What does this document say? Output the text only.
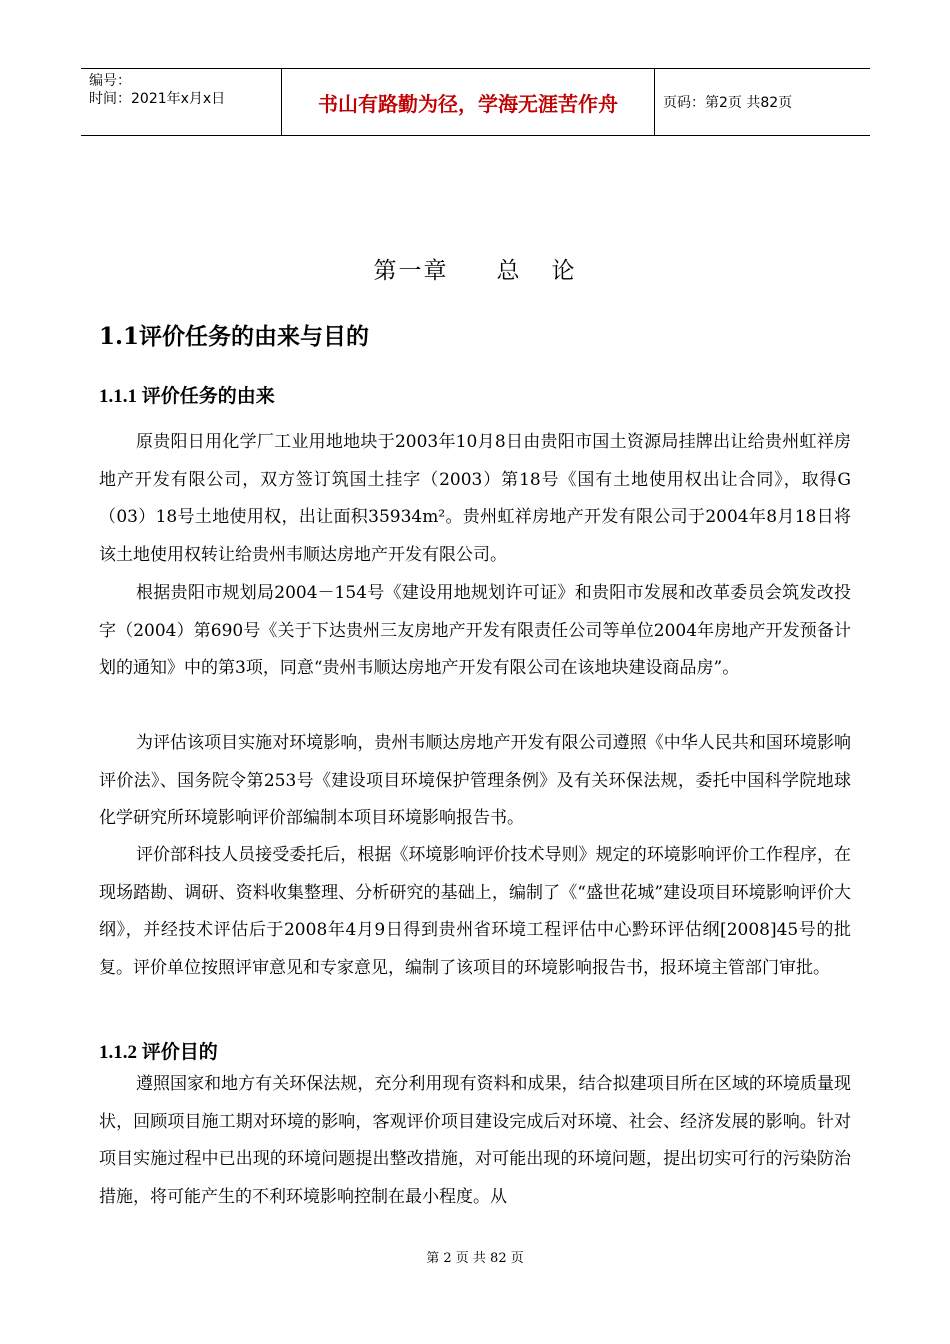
编号：
时间：2021年x月x日	书山有路勤为径，学海无涯苦作舟	页码：第2页 共82页
第一章 总 论
1.1评价任务的由来与目的
1.1.1 评价任务的由来

原贵阳日用化学厂工业用地地块于2003年10月8日由贵阳市国土资源局挂牌出让给贵州虹祥房地产开发有限公司，双方签订筑国土挂字（2003）第18号《国有土地使用权出让合同》，取得G（03）18号土地使用权，出让面积35934m²。贵州虹祥房地产开发有限公司于2004年8月18日将该土地使用权转让给贵州韦顺达房地产开发有限公司。

根据贵阳市规划局2004－154号《建设用地规划许可证》和贵阳市发展和改革委员会筑发改投字（2004）第690号《关于下达贵州三友房地产开发有限责任公司等单位2004年房地产开发预备计划的通知》中的第3项，同意“贵州韦顺达房地产开发有限公司在该地块建设商品房”。

为评估该项目实施对环境影响，贵州韦顺达房地产开发有限公司遵照《中华人民共和国环境影响评价法》、国务院令第253号《建设项目环境保护管理条例》及有关环保法规，委托中国科学院地球化学研究所环境影响评价部编制本项目环境影响报告书。

评价部科技人员接受委托后，根据《环境影响评价技术导则》规定的环境影响评价工作程序，在现场踏勘、调研、资料收集整理、分析研究的基础上，编制了《“盛世花城”建设项目环境影响评价大纲》，并经技术评估后于2008年4月9日得到贵州省环境工程评估中心黔环评估纲[2008]45号的批复。评价单位按照评审意见和专家意见，编制了该项目的环境影响报告书，报环境主管部门审批。

1.1.2 评价目的

遵照国家和地方有关环保法规，充分利用现有资料和成果，结合拟建项目所在区域的环境质量现状，回顾项目施工期对环境的影响，客观评价项目建设完成后对环境、社会、经济发展的影响。针对项目实施过程中已出现的环境问题提出整改措施，对可能出现的环境问题，提出切实可行的污染防治措施，将可能产生的不利环境影响控制在最小程度。从

第 2 页 共 82 页
